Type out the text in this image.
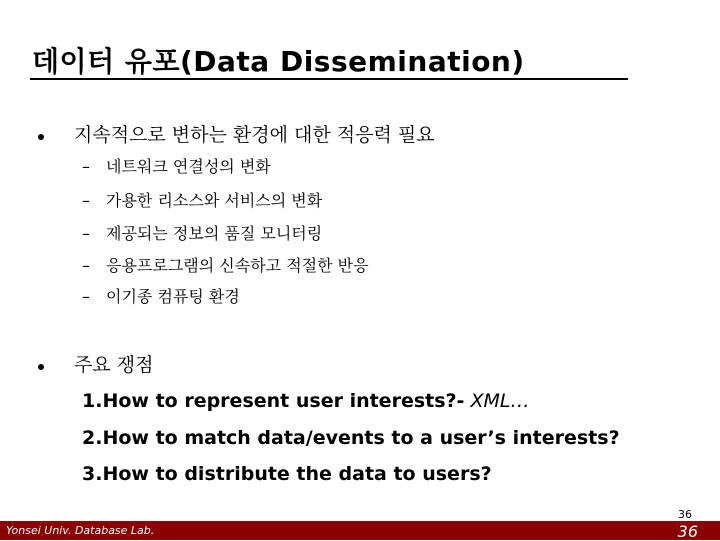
데이터 유포(Data Dissemination)
지속적으로 변하는 환경에 대한 적응력 필요
– 네트워크 연결성의 변화
– 가용한 리소스와 서비스의 변화
– 제공되는 정보의 품질 모니터링
– 응용프로그램의 신속하고 적절한 반응
– 이기종 컴퓨팅 환경
주요 쟁점
1.How to represent user interests?- XML…
2.How to match data/events to a user’s interests?
3.How to distribute the data to users?
36
Yonsei Univ. Database Lab.	36
